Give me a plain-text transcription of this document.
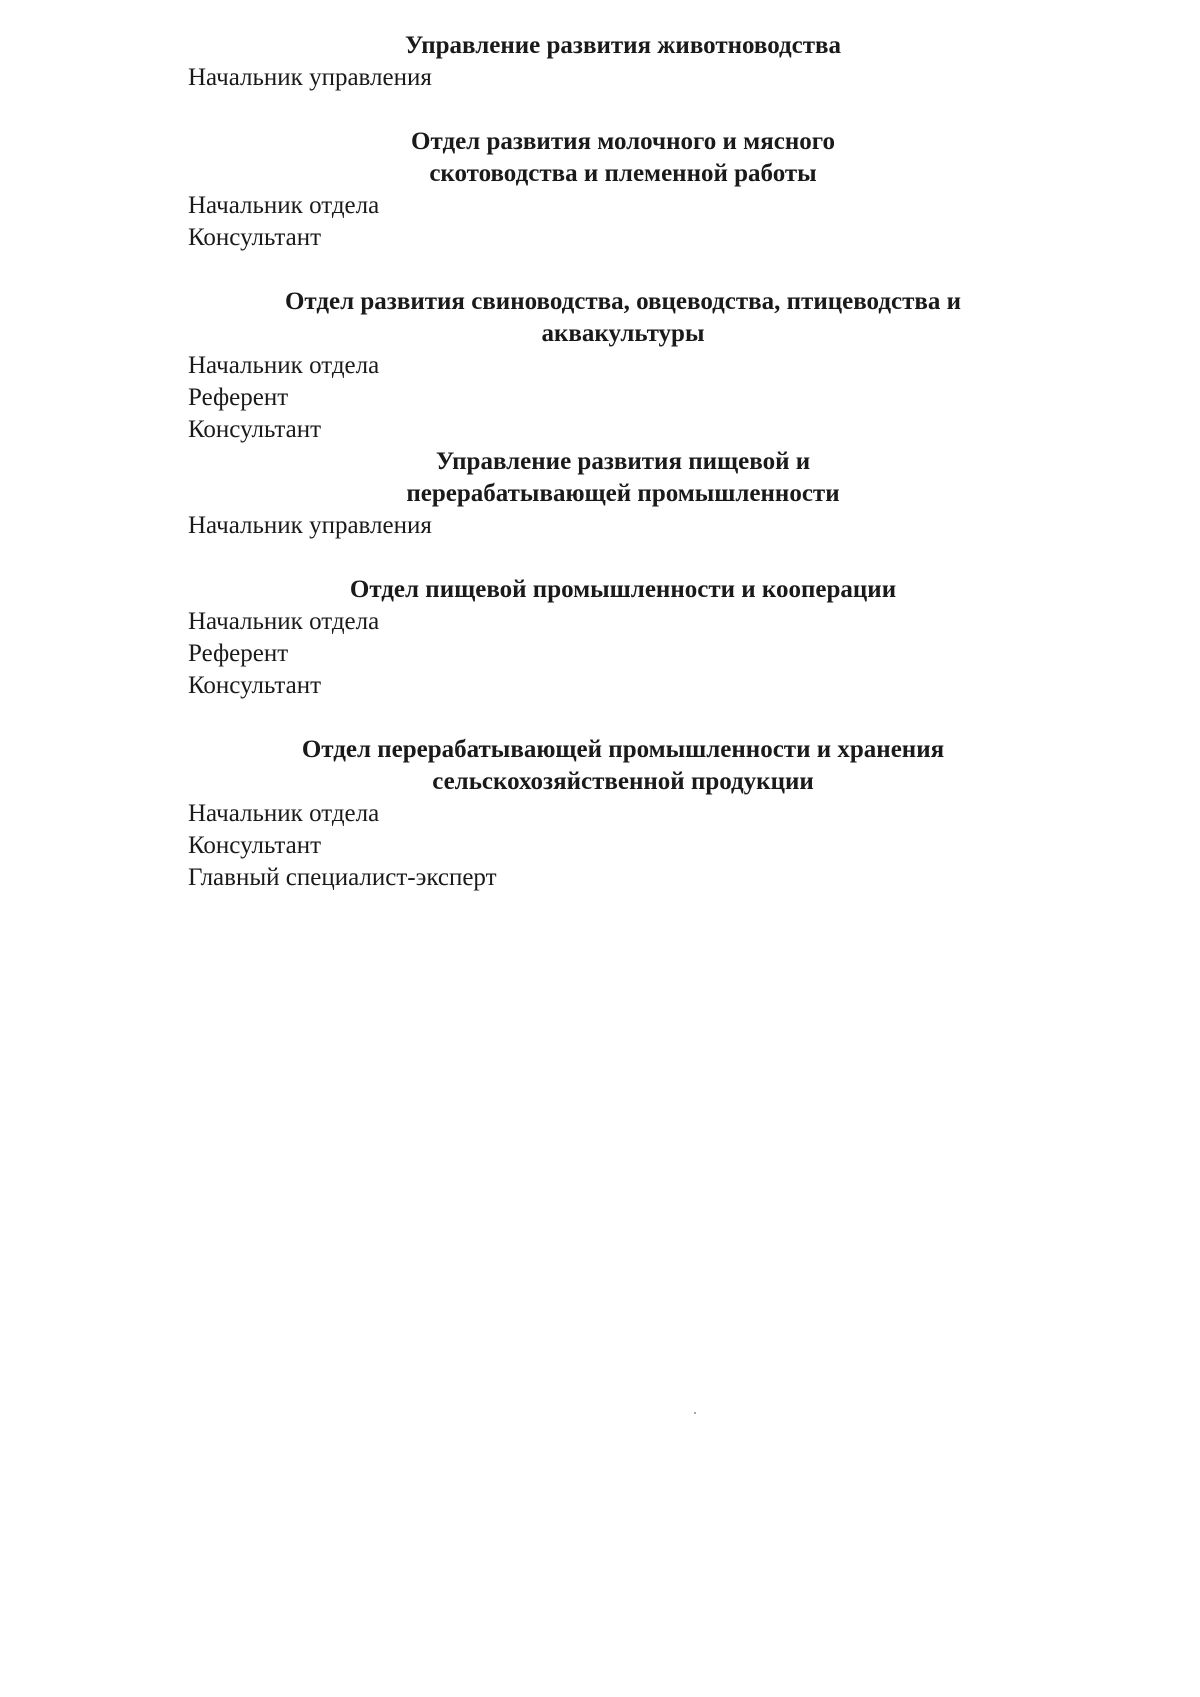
Управление развития животноводства

Начальник управления

Отдел развития молочного и мясного
скотоводства и племенной работы

Начальник отдела

Консультант

Отдел развития свиноводства, овцеводства, птицеводства и
аквакультуры

Начальник отдела

Референт

Консультант

Управление развития пищевой и
перерабатывающей промышленности

Начальник управления

Отдел пищевой промышленности и кооперации

Начальник отдела

Референт

Консультант

Отдел перерабатывающей промышленности и хранения
сельскохозяйственной продукции

Начальник отдела

Консультант

Главный специалист-эксперт
